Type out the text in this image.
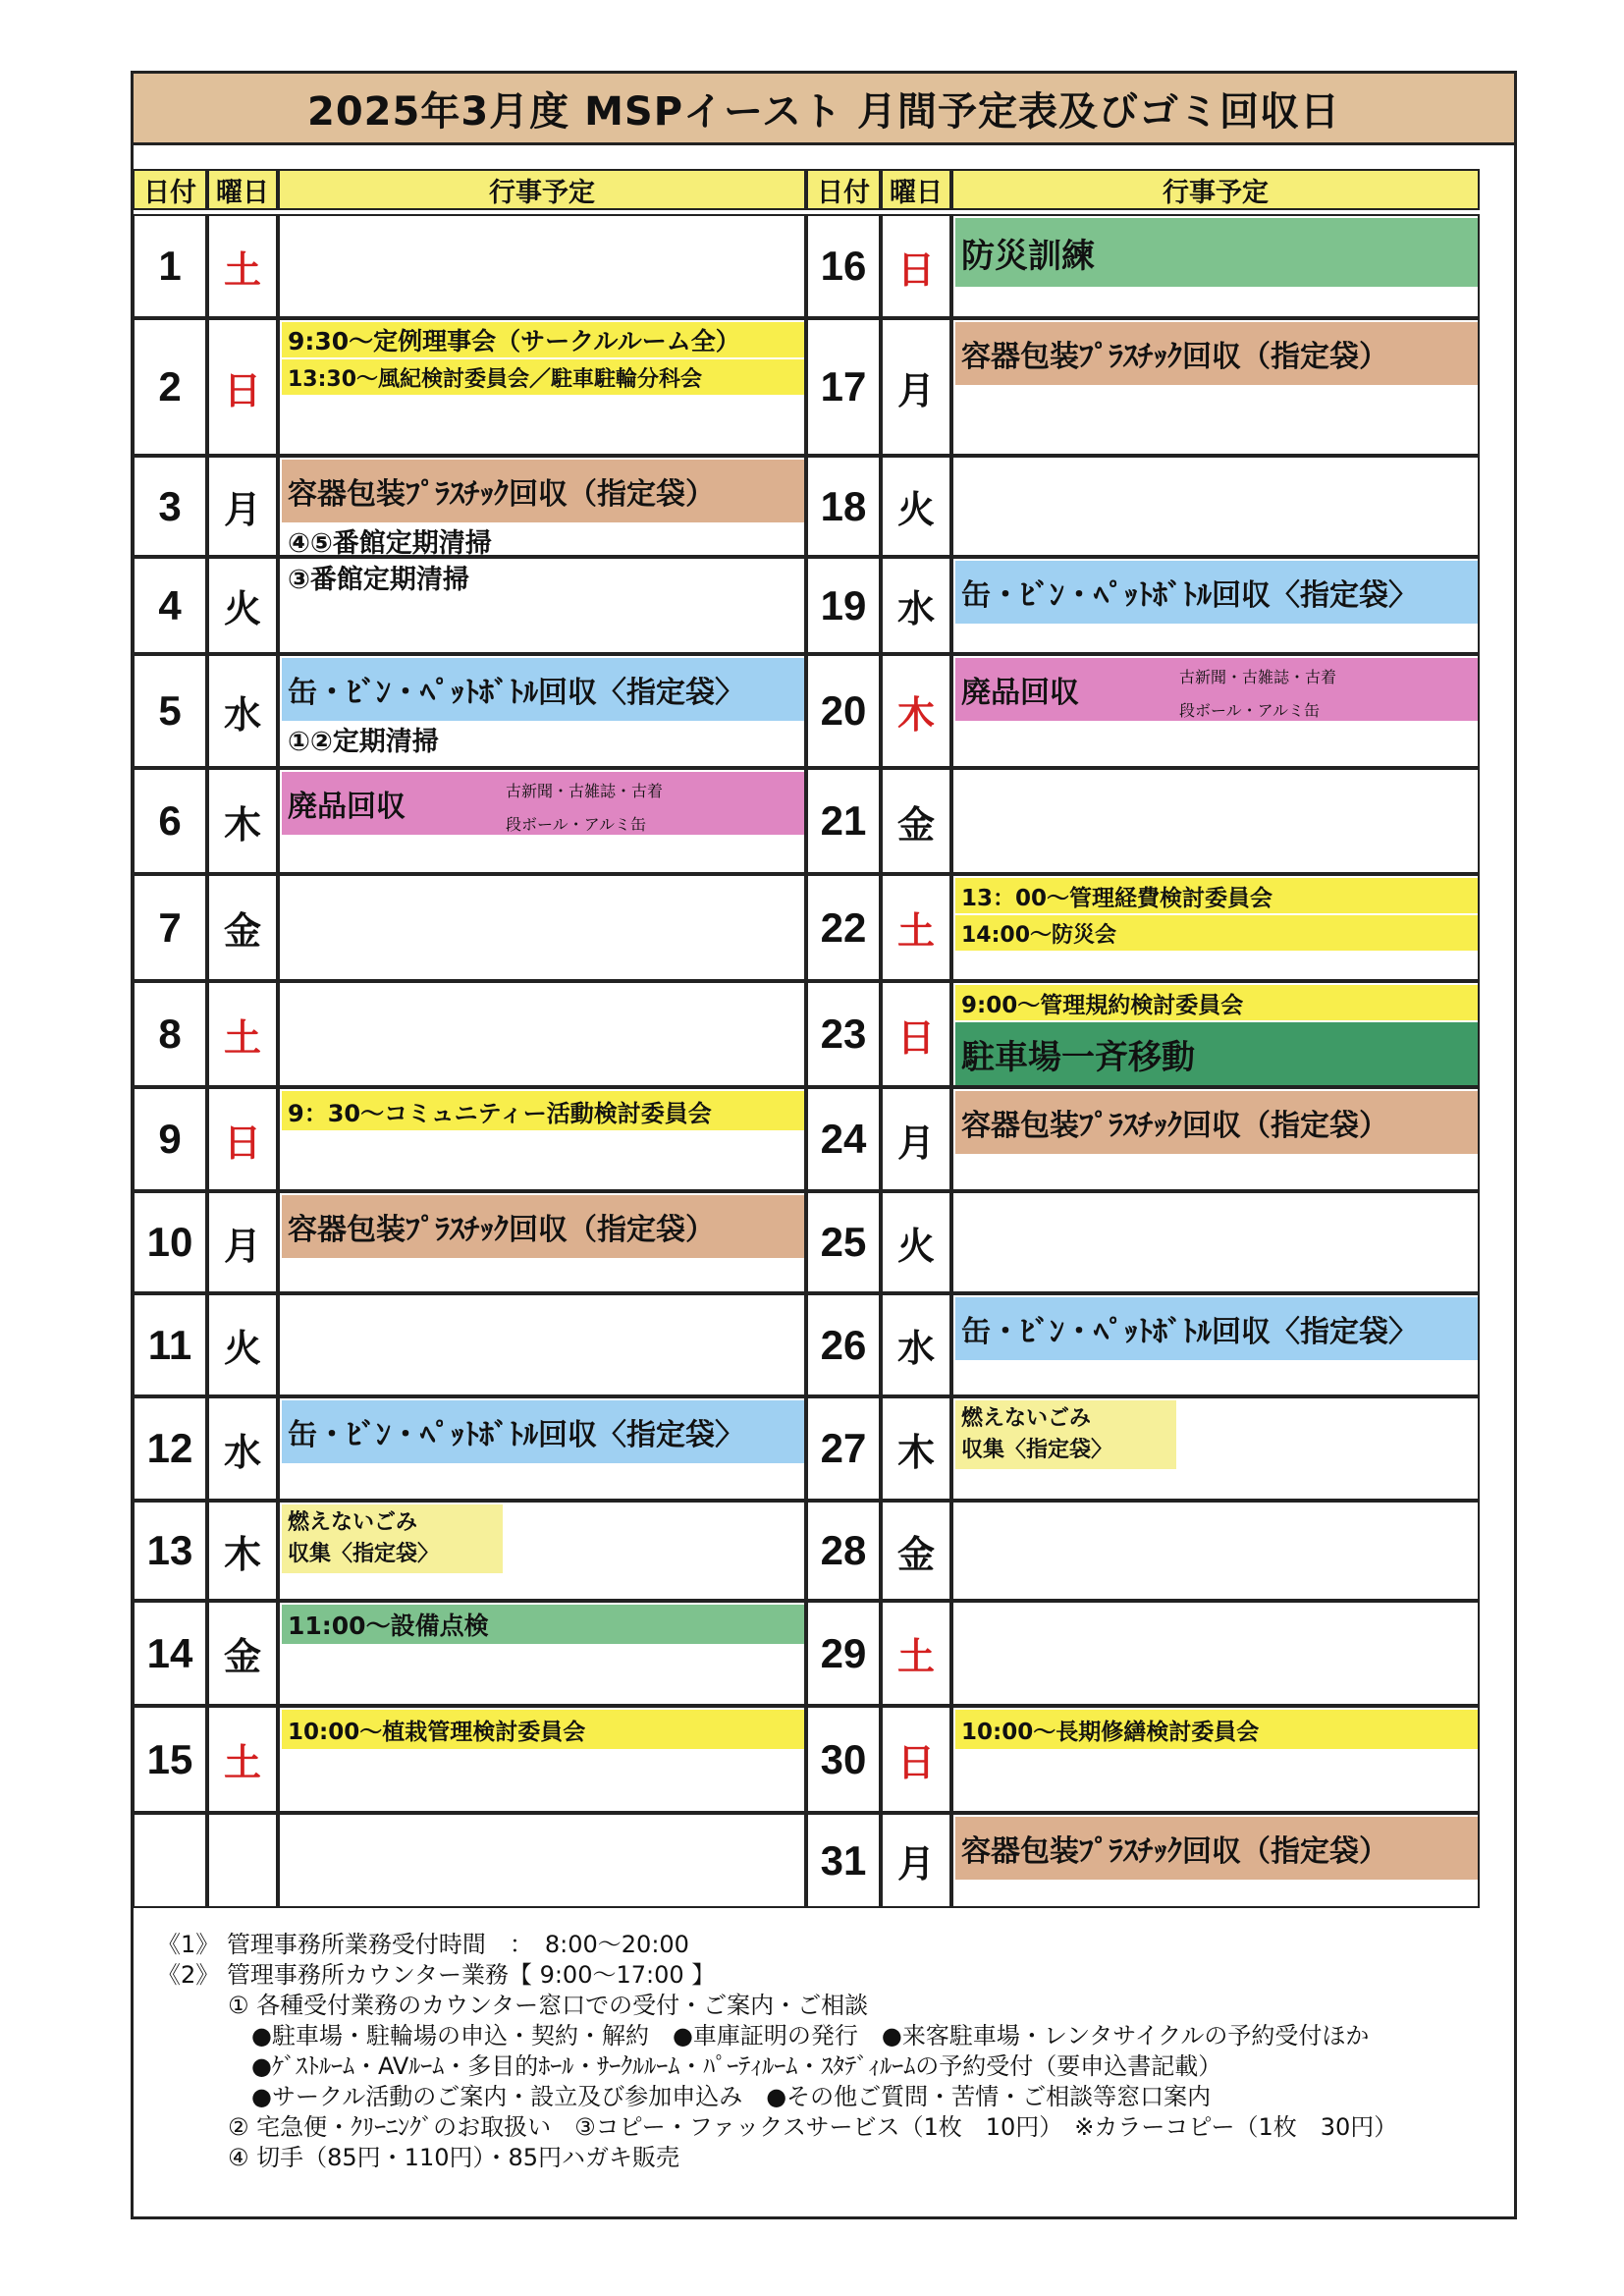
2025年3月度 MSPイースト 月間予定表及びゴミ回収日
日付 曜日	行事予定
1	土
2	日
9:30～定例理事会（サークルルーム全）
13:30～風紀検討委員会／駐車駐輪分科会
3	月 容器包装ﾌﾟﾗｽﾁｯｸ回収（指定袋）
④⑤番館定期清掃
4	火
③番館定期清掃
5	水 缶・ﾋﾞﾝ・ﾍﾟｯﾄﾎﾞﾄﾙ回収〈指定袋〉
①②定期清掃
6	木 廃品回収	古新聞・古雑誌・古着
段ボール・アルミ缶
7	金
8	土
9	日
9：30～コミュニティー活動検討委員会
10 月 容器包装ﾌﾟﾗｽﾁｯｸ回収（指定袋）
11 火
12 水 缶・ﾋﾞﾝ・ﾍﾟｯﾄﾎﾞﾄﾙ回収〈指定袋〉
13 木
燃えないごみ
収集〈指定袋〉
14 金
11:00～設備点検
15 土
10:00～植栽管理検討委員会
日付 曜日	行事予定
16 日 防災訓練
17 月
容器包装ﾌﾟﾗｽﾁｯｸ回収（指定袋）
18 火
19 水 缶・ﾋﾞﾝ・ﾍﾟｯﾄﾎﾞﾄﾙ回収〈指定袋〉
20 木 廃品回収	古新聞・古雑誌・古着
段ボール・アルミ缶
21 金
22 土
13：00～管理経費検討委員会
14:00～防災会
23 日
9:00～管理規約検討委員会
駐車場一斉移動
24 月 容器包装ﾌﾟﾗｽﾁｯｸ回収（指定袋）
25 火
26 水 缶・ﾋﾞﾝ・ﾍﾟｯﾄﾎﾞﾄﾙ回収〈指定袋〉
27 木
燃えないごみ
収集〈指定袋〉
28 金
29 土
30 日
10:00～長期修繕検討委員会
31 月 容器包装ﾌﾟﾗｽﾁｯｸ回収（指定袋）
《1》 管理事務所業務受付時間　：　8:00～20:00
《2》 管理事務所カウンター業務【 9:00～17:00 】
　　　① 各種受付業務のカウンター窓口での受付・ご案内・ご相談
　　　　●駐車場・駐輪場の申込・契約・解約　●車庫証明の発行　●来客駐車場・レンタサイクルの予約受付ほか
　　　　●ｹﾞｽﾄﾙｰﾑ・AVﾙｰﾑ・多目的ﾎｰﾙ・ｻｰｸﾙﾙｰﾑ・ﾊﾟｰﾃｨﾙｰﾑ・ｽﾀﾃﾞｨﾙｰﾑの予約受付（要申込書記載）
　　　　●サークル活動のご案内・設立及び参加申込み　●その他ご質問・苦情・ご相談等窓口案内
　　　② 宅急便・ｸﾘｰﾆﾝｸﾞのお取扱い　③コピー・ファックスサービス（1枚　10円）　※カラーコピー（1枚　30円）
　　　④ 切手（85円・110円）・85円ハガキ販売
